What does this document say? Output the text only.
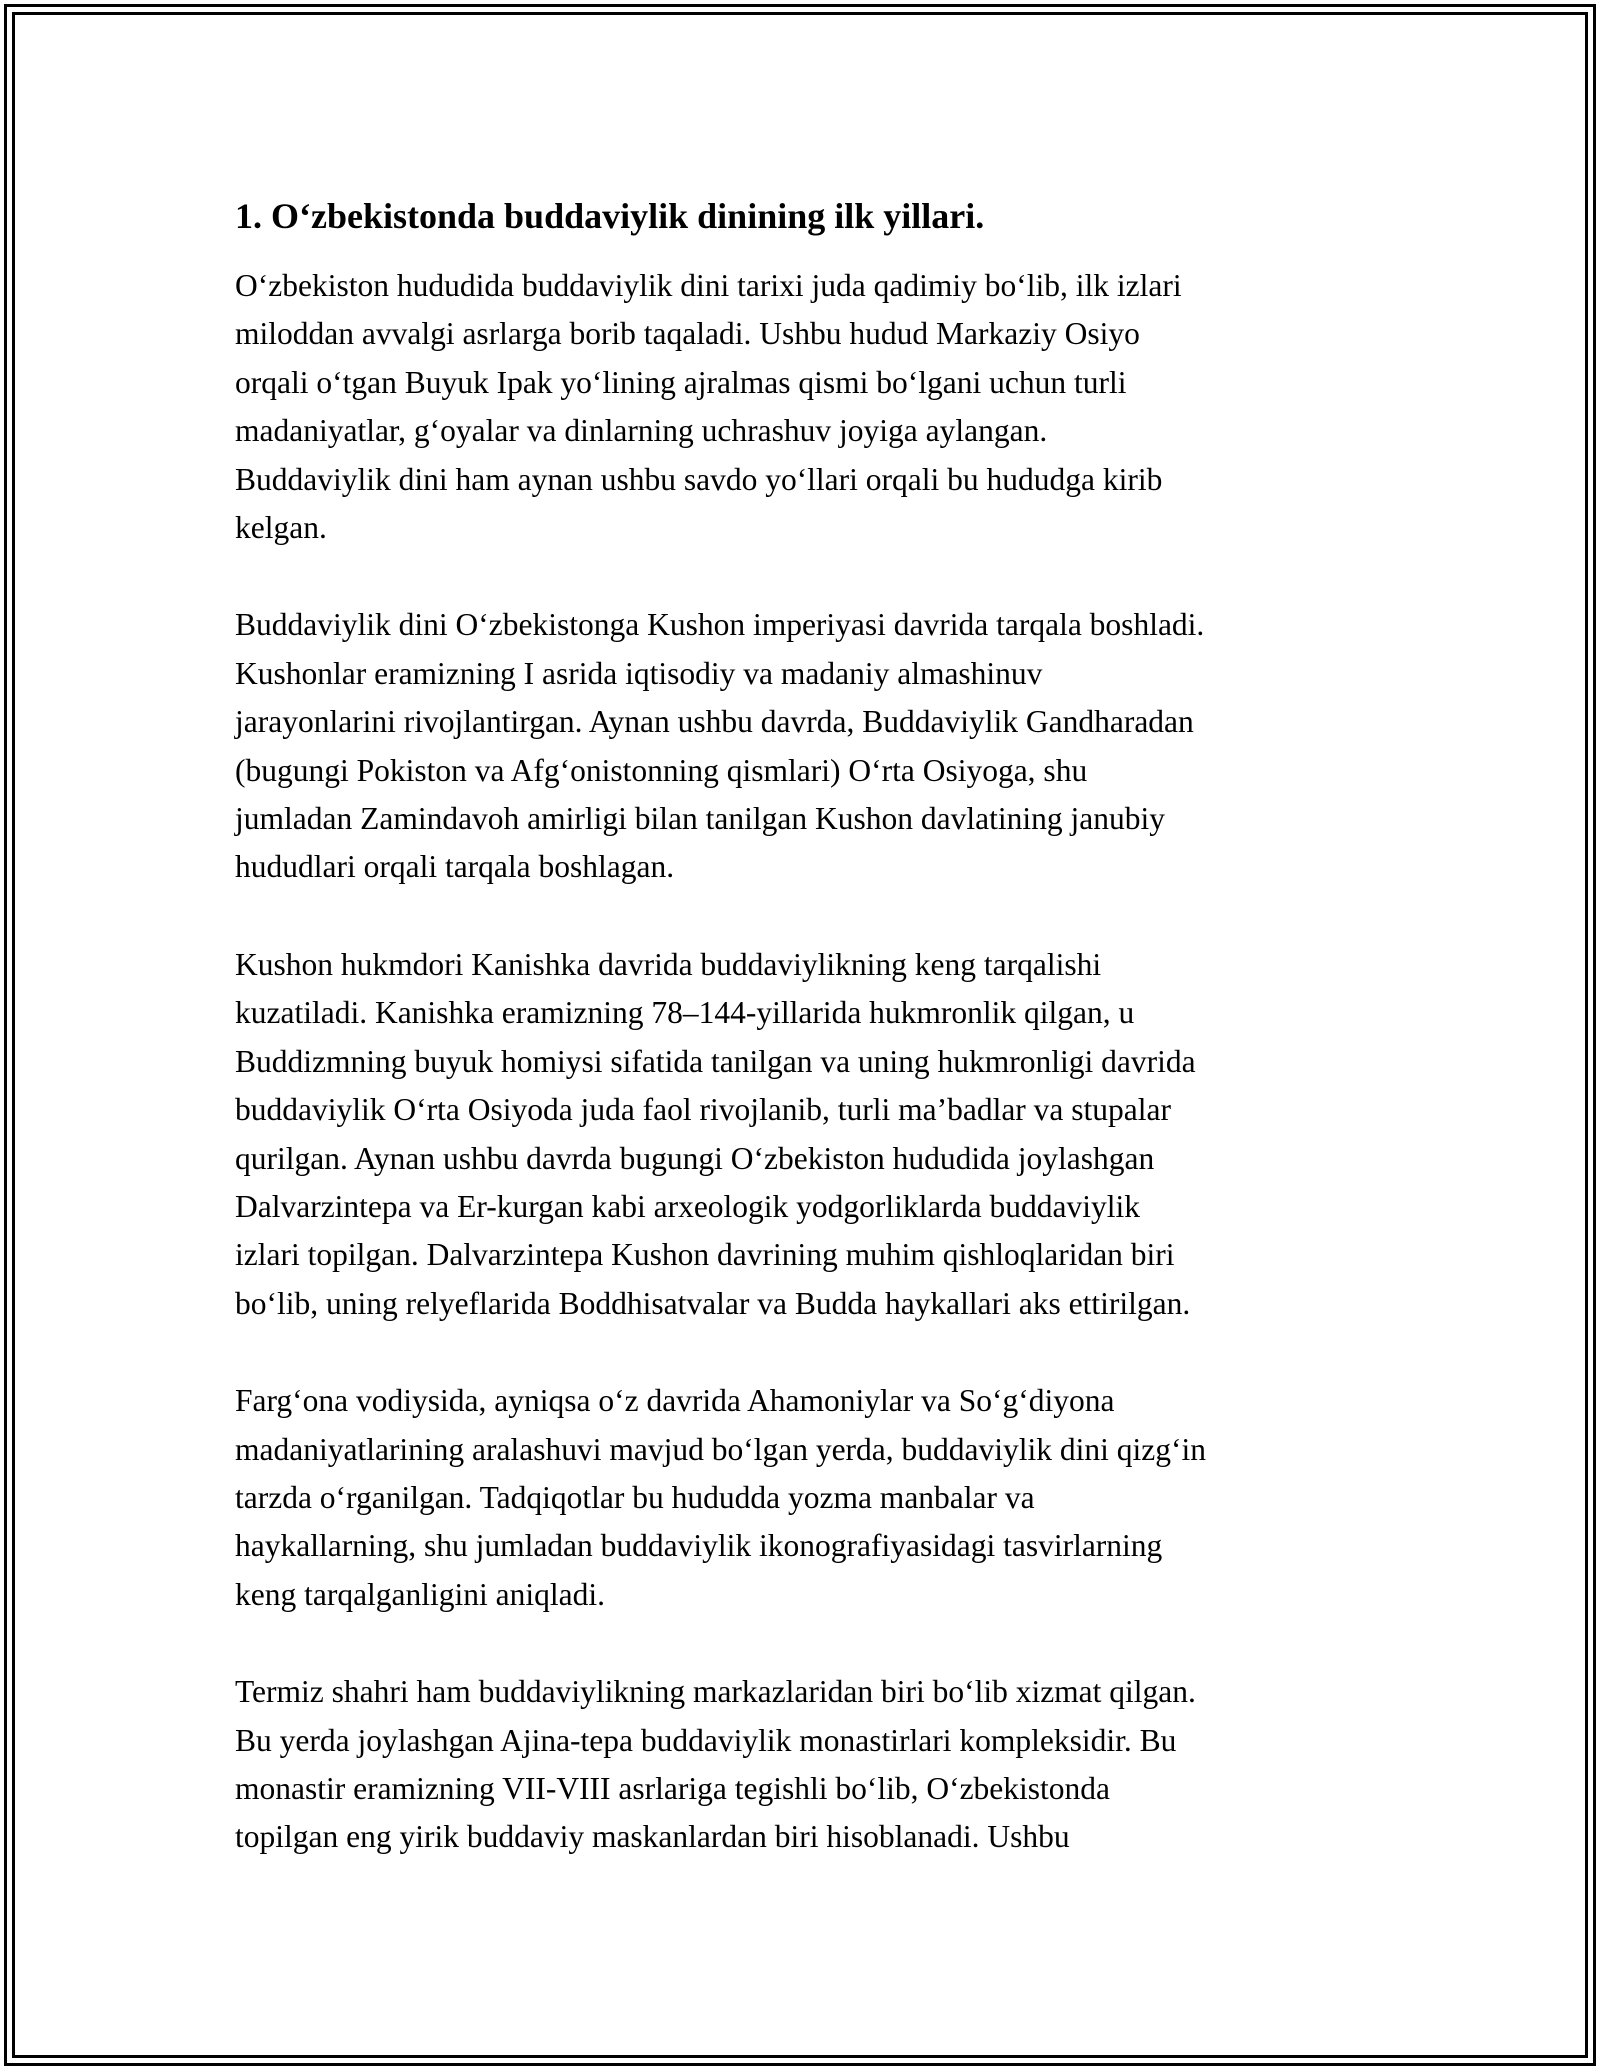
1. O‘zbekistonda buddaviylik dinining ilk yillari.

O‘zbekiston hududida buddaviylik dini tarixi juda qadimiy bo‘lib, ilk izlari
miloddan avvalgi asrlarga borib taqaladi. Ushbu hudud Markaziy Osiyo
orqali o‘tgan Buyuk Ipak yo‘lining ajralmas qismi bo‘lgani uchun turli
madaniyatlar, g‘oyalar va dinlarning uchrashuv joyiga aylangan.
Buddaviylik dini ham aynan ushbu savdo yo‘llari orqali bu hududga kirib
kelgan.

Buddaviylik dini O‘zbekistonga Kushon imperiyasi davrida tarqala boshladi.
Kushonlar eramizning I asrida iqtisodiy va madaniy almashinuv
jarayonlarini rivojlantirgan. Aynan ushbu davrda, Buddaviylik Gandharadan
(bugungi Pokiston va Afg‘onistonning qismlari) O‘rta Osiyoga, shu
jumladan Zamindavoh amirligi bilan tanilgan Kushon davlatining janubiy
hududlari orqali tarqala boshlagan.

Kushon hukmdori Kanishka davrida buddaviylikning keng tarqalishi
kuzatiladi. Kanishka eramizning 78–144-yillarida hukmronlik qilgan, u
Buddizmning buyuk homiysi sifatida tanilgan va uning hukmronligi davrida
buddaviylik O‘rta Osiyoda juda faol rivojlanib, turli ma’badlar va stupalar
qurilgan. Aynan ushbu davrda bugungi O‘zbekiston hududida joylashgan
Dalvarzintepa va Er-kurgan kabi arxeologik yodgorliklarda buddaviylik
izlari topilgan. Dalvarzintepa Kushon davrining muhim qishloqlaridan biri
bo‘lib, uning relyeflarida Boddhisatvalar va Budda haykallari aks ettirilgan.

Farg‘ona vodiysida, ayniqsa o‘z davrida Ahamoniylar va So‘g‘diyona
madaniyatlarining aralashuvi mavjud bo‘lgan yerda, buddaviylik dini qizg‘in
tarzda o‘rganilgan. Tadqiqotlar bu hududda yozma manbalar va
haykallarning, shu jumladan buddaviylik ikonografiyasidagi tasvirlarning
keng tarqalganligini aniqladi.

Termiz shahri ham buddaviylikning markazlaridan biri bo‘lib xizmat qilgan.
Bu yerda joylashgan Ajina-tepa buddaviylik monastirlari kompleksidir. Bu
monastir eramizning VII-VIII asrlariga tegishli bo‘lib, O‘zbekistonda
topilgan eng yirik buddaviy maskanlardan biri hisoblanadi. Ushbu
